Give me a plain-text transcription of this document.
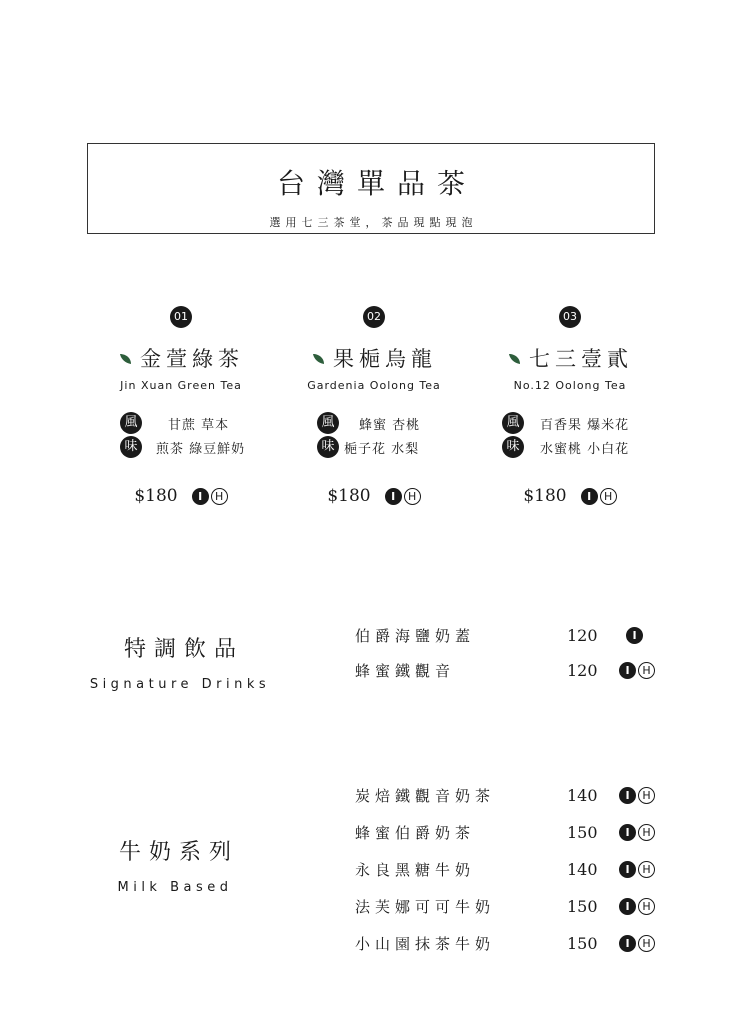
台灣單品茶
選用七三茶堂，茶品現點現泡
01
金萱綠茶
Jin Xuan Green Tea
風	甘蔗 草本
味	煎茶 綠豆鮮奶
$180	I	H
02
果梔烏龍
Gardenia Oolong Tea
風	蜂蜜 杏桃
味 梔子花 水梨
$180	I	H
03
七三壹貳
No.12 Oolong Tea
風	百香果 爆米花
味	水蜜桃 小白花
$180	I	H
特調飲品
Signature Drinks
伯爵海鹽奶蓋	120	I
蜂蜜鐵觀音	120	I	H
牛奶系列
Milk Based
炭焙鐵觀音奶茶	140	I	H
蜂蜜伯爵奶茶	150	I	H
永良黑糖牛奶	140	I	H
法芙娜可可牛奶	150	I	H
小山園抹茶牛奶	150	I	H
